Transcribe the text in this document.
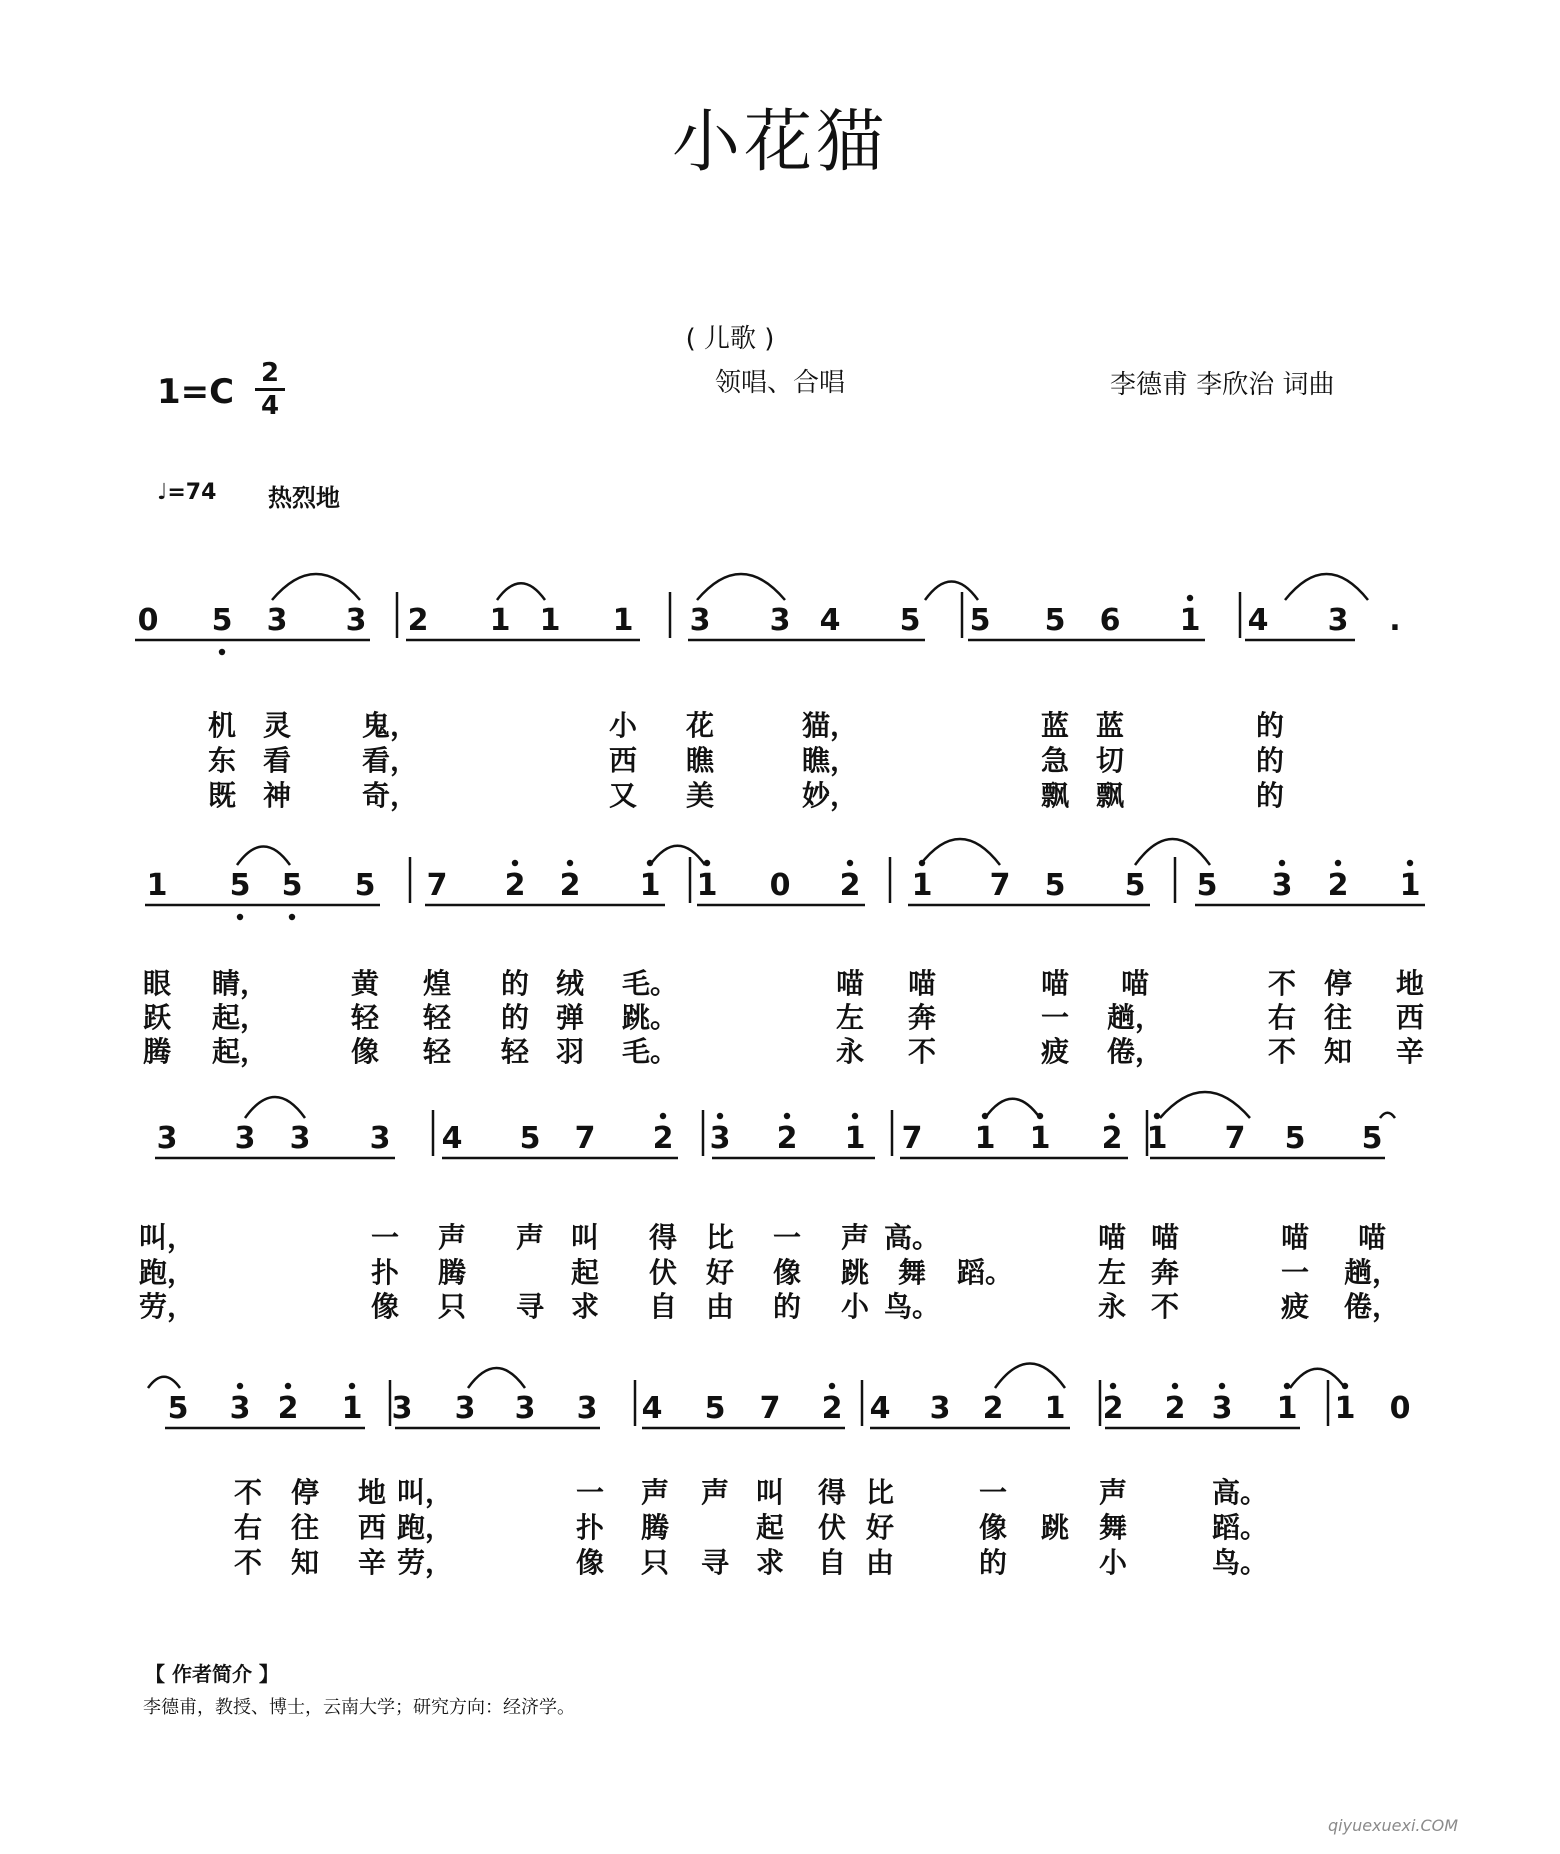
小花猫
( 儿歌 )
领唱、合唱	李德甫 李欣治 词曲
1=C 2
4
♩=74 热烈地
0 5 3 3 2 1 1 1 3 3 4 5 5 5 6 1 4 3 .
机
东
既
灵
看
神
鬼，
看，
奇，
小
西
又
花
瞧
美
猫，
瞧，
妙，
蓝
急
飘
蓝
切
飘
的
的
的
1 5 5 5 7 2 2 1 1 0 2 1 7 5 5 5 3 2 1
眼
跃
腾
睛，
起，
起，
黄
轻
像
煌
轻
轻
的
的
轻
绒
弹
羽
毛。
跳。
毛。
喵
左
永
喵
奔
不
喵
一
疲
喵
趟，
倦，
不
右
不
停
往
知
地
西
辛
3 3 3 3 4 5 7 2 3 2 1 7 1 1 2 1 7 5 5
叫，
跑，
劳，
一
扑
像
声
腾
只
声
寻
叫
起
求
得
伏
自
比
好
由
一
像
的
声
跳
小
高。
舞
鸟。
蹈。
喵
左
永
喵
奔
不
喵
一
疲
喵
趟，
倦，
5 3 2 1 3 3 3 3 4 5 7 2 4 3 2 1 2 2 3 1 1 0
不
右
不
停
往
知
地
西
辛
叫，
跑，
劳，
一
扑
像
声
腾
只
声
寻
叫
起
求
得
伏
自
比
好
由
一
像
的
跳
声
舞
小
高。
蹈。
鸟。
【 作者简介 】
李德甫，教授、博士，云南大学；研究方向：经济学。
qiyuexuexi.COM
